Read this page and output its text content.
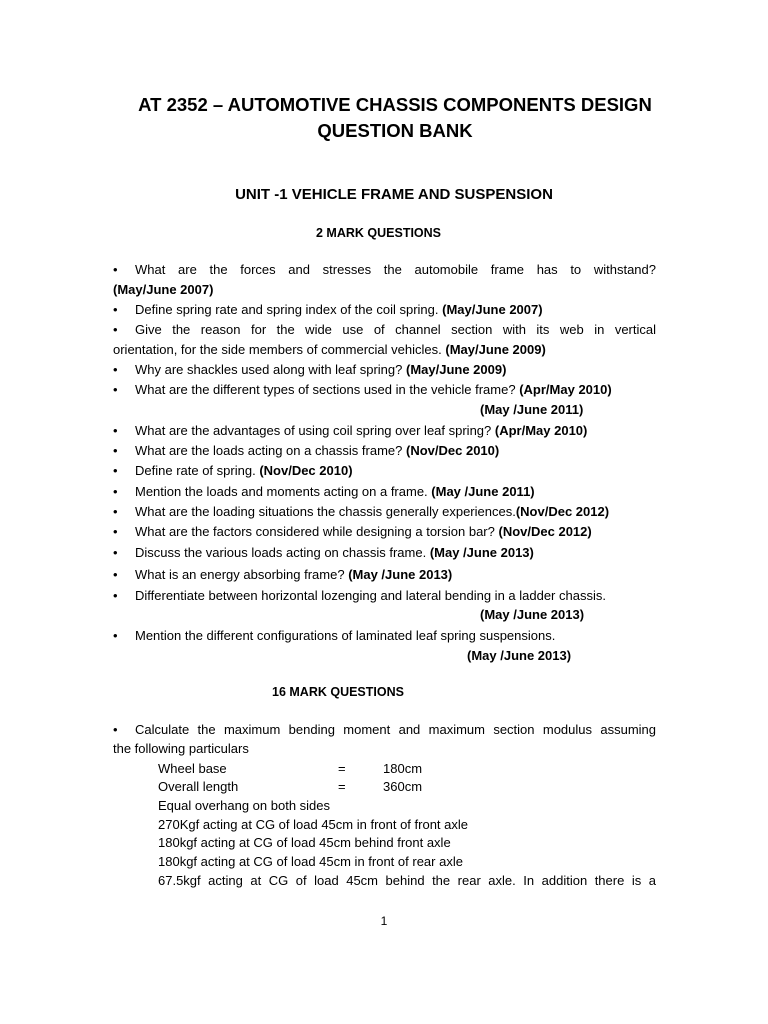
AT 2352 – AUTOMOTIVE CHASSIS COMPONENTS DESIGN
QUESTION BANK
UNIT -1 VEHICLE FRAME AND SUSPENSION
2 MARK QUESTIONS
• What are the forces and stresses the automobile frame has to withstand?
(May/June 2007)
• Define spring rate and spring index of the coil spring. (May/June 2007)
• Give the reason for the wide use of channel section with its web in vertical
orientation, for the side members of commercial vehicles. (May/June 2009)
• Why are shackles used along with leaf spring? (May/June 2009)
• What are the different types of sections used in the vehicle frame? (Apr/May 2010)
(May /June 2011)
• What are the advantages of using coil spring over leaf spring? (Apr/May 2010)
• What are the loads acting on a chassis frame? (Nov/Dec 2010)
• Define rate of spring. (Nov/Dec 2010)
• Mention the loads and moments acting on a frame. (May /June 2011)
• What are the loading situations the chassis generally experiences.(Nov/Dec 2012)
• What are the factors considered while designing a torsion bar? (Nov/Dec 2012)
• Discuss the various loads acting on chassis frame. (May /June 2013)
• What is an energy absorbing frame? (May /June 2013)
• Differentiate between horizontal lozenging and lateral bending in a ladder chassis.
(May /June 2013)
• Mention the different configurations of laminated leaf spring suspensions.
(May /June 2013)
16 MARK QUESTIONS
• Calculate the maximum bending moment and maximum section modulus assuming
the following particulars
Wheel base	=	180cm
Overall length	=	360cm
Equal overhang on both sides
270Kgf acting at CG of load 45cm in front of front axle
180kgf acting at CG of load 45cm behind front axle
180kgf acting at CG of load 45cm in front of rear axle
67.5kgf acting at CG of load 45cm behind the rear axle. In addition there is a
1
